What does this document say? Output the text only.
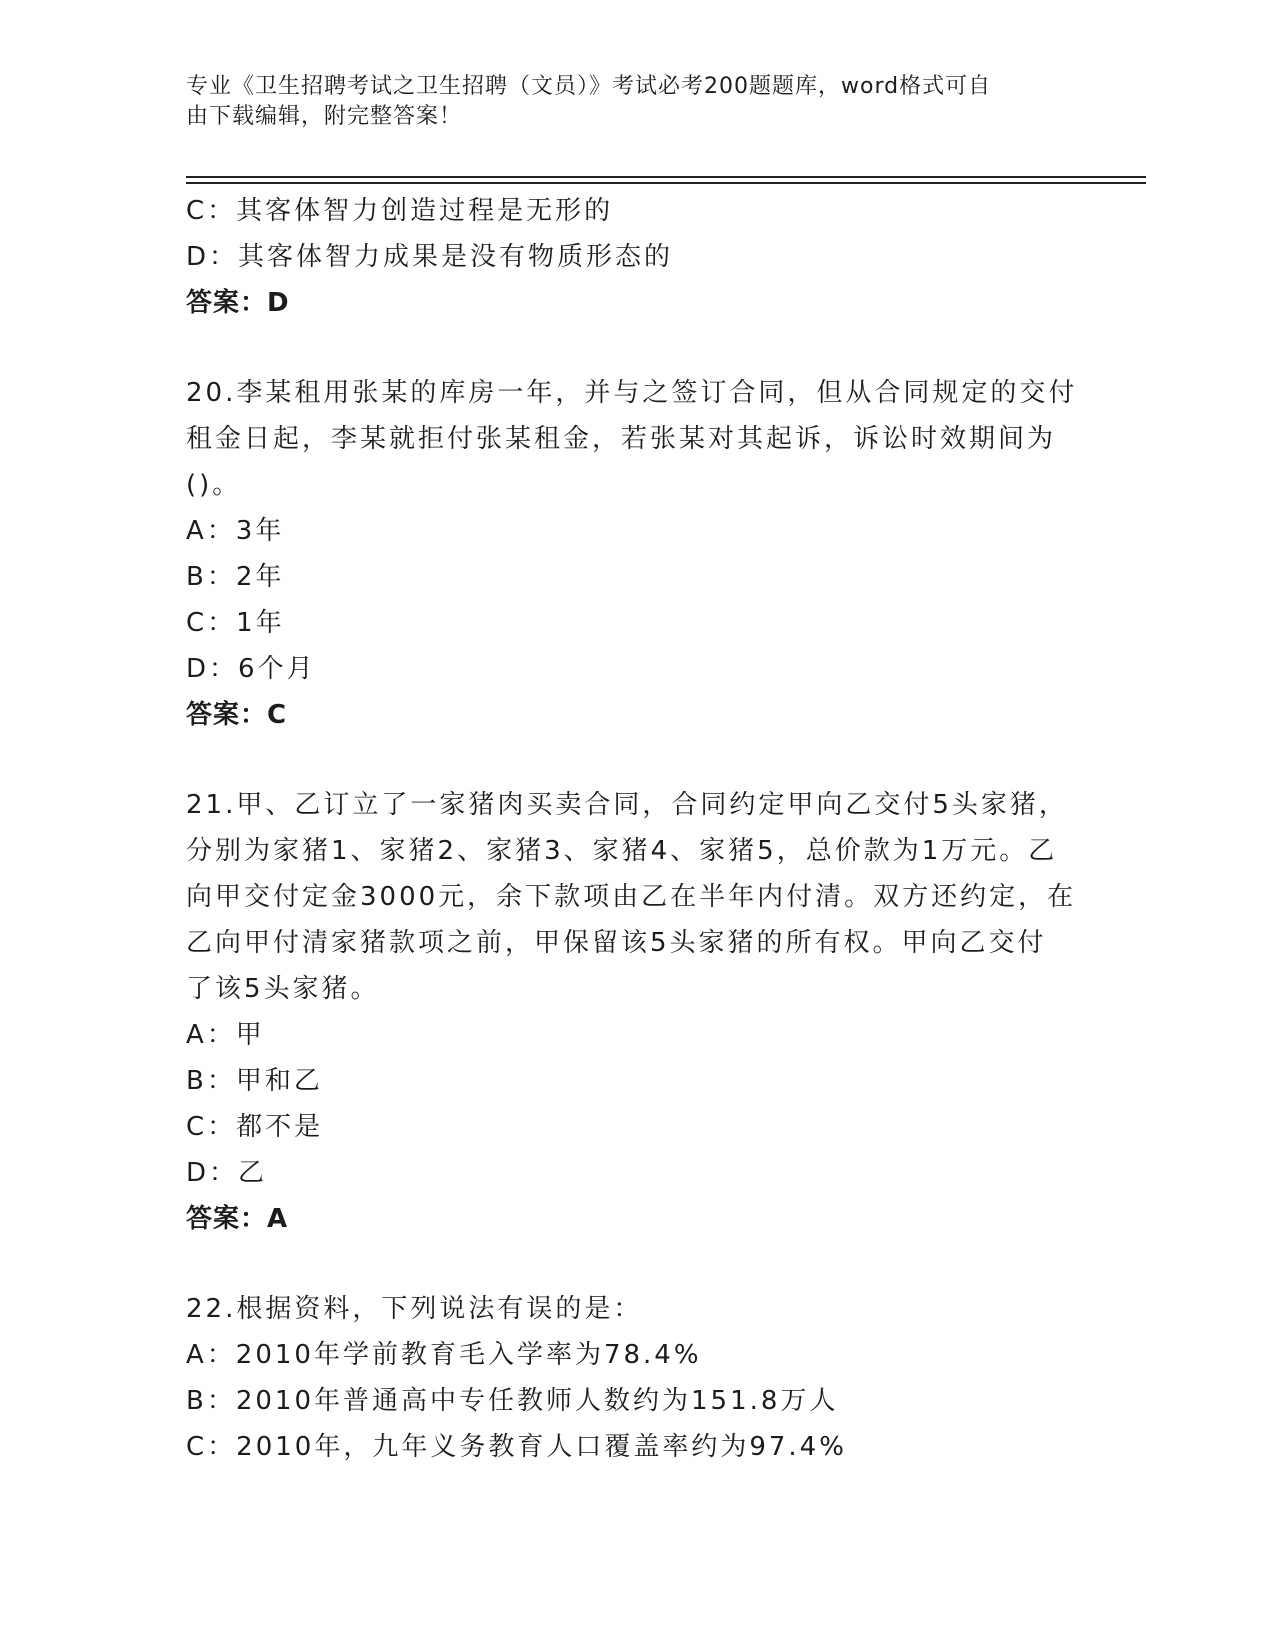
专业《卫生招聘考试之卫生招聘（文员）》考试必考200题题库，word格式可自
由下载编辑，附完整答案！
C：其客体智力创造过程是无形的
D：其客体智力成果是没有物质形态的
答案：D
20.李某租用张某的库房一年，并与之签订合同，但从合同规定的交付
租金日起，李某就拒付张某租金，若张某对其起诉，诉讼时效期间为
()。
A：3年
B：2年
C：1年
D：6个月
答案：C
21.甲、乙订立了一家猪肉买卖合同，合同约定甲向乙交付5头家猪，
分别为家猪1、家猪2、家猪3、家猪4、家猪5，总价款为1万元。乙
向甲交付定金3000元，余下款项由乙在半年内付清。双方还约定，在
乙向甲付清家猪款项之前，甲保留该5头家猪的所有权。甲向乙交付
了该5头家猪。
A：甲
B：甲和乙
C：都不是
D：乙
答案：A
22.根据资料，下列说法有误的是：
A：2010年学前教育毛入学率为78.4%
B：2010年普通高中专任教师人数约为151.8万人
C：2010年，九年义务教育人口覆盖率约为97.4%
